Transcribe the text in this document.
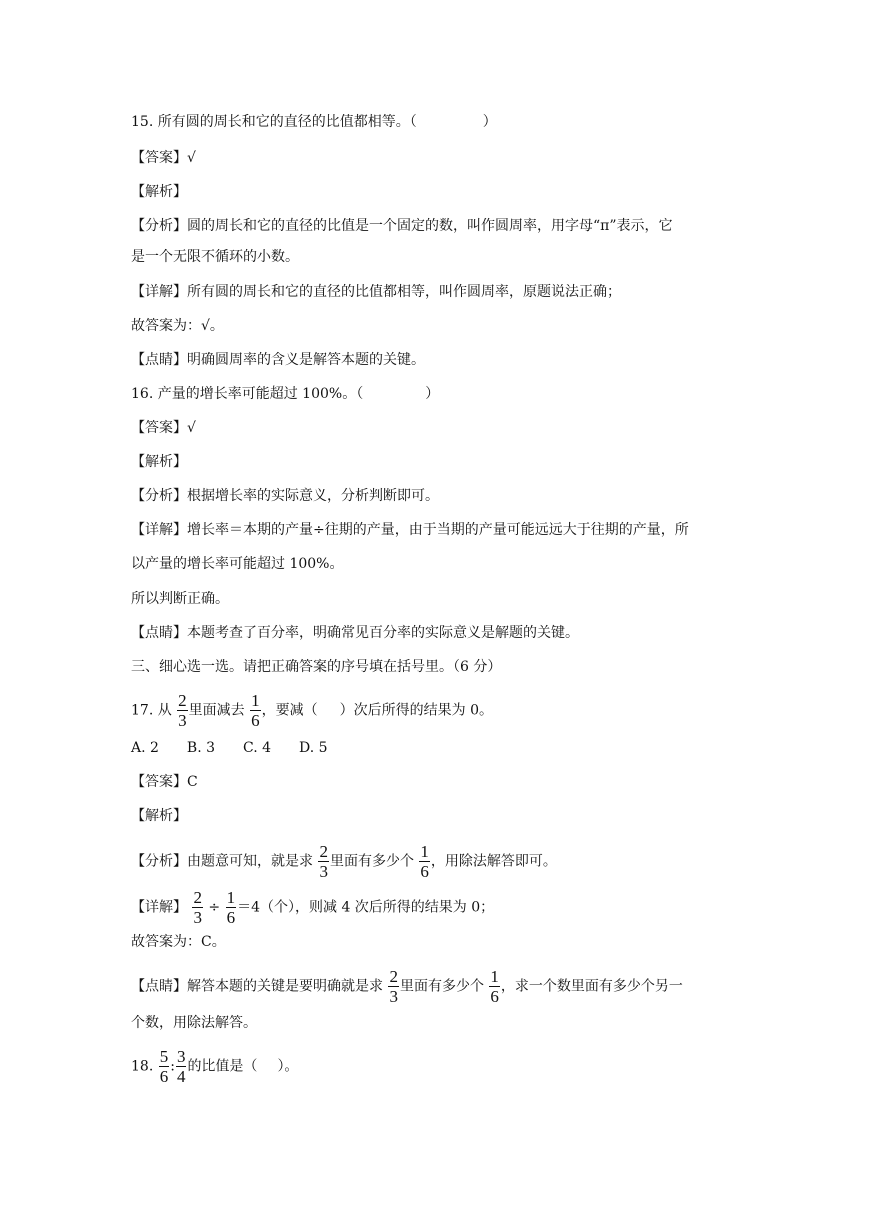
15. 所有圆的周长和它的直径的比值都相等。（	）
【答案】√
【解析】
【分析】圆的周长和它的直径的比值是一个固定的数，叫作圆周率，用字母“π”表示，它
是一个无限不循环的小数。
【详解】所有圆的周长和它的直径的比值都相等，叫作圆周率，原题说法正确；
故答案为：√。
【点睛】明确圆周率的含义是解答本题的关键。
16. 产量的增长率可能超过 100%。（	）
【答案】√
【解析】
【分析】根据增长率的实际意义，分析判断即可。
【详解】增长率＝本期的产量÷往期的产量，由于当期的产量可能远远大于往期的产量，所
以产量的增长率可能超过 100%。
所以判断正确。
【点睛】本题考查了百分率，明确常见百分率的实际意义是解题的关键。
三、细心选一选。请把正确答案的序号填在括号里。（6 分）
17. 从 $\frac{2}{3}$ 里面减去 $\frac{1}{6}$ ，要减（ ）次后所得的结果为 0。
A. 2　　B. 3　　C. 4　　D. 5
【答案】C
【解析】
【分析】由题意可知，就是求 $\frac{2}{3}$ 里面有多少个 $\frac{1}{6}$ ，用除法解答即可。
【详解】 $\frac{2}{3} \div \frac{1}{6} =4$（个），则减 4 次后所得的结果为 0；
故答案为：C。
【点睛】解答本题的关键是要明确就是求 $\frac{2}{3}$ 里面有多少个 $\frac{1}{6}$ ，求一个数里面有多少个另一
个数，用除法解答。
18. $\frac{5}{6}$ : $\frac{3}{4}$ 的比值是（ ）。
